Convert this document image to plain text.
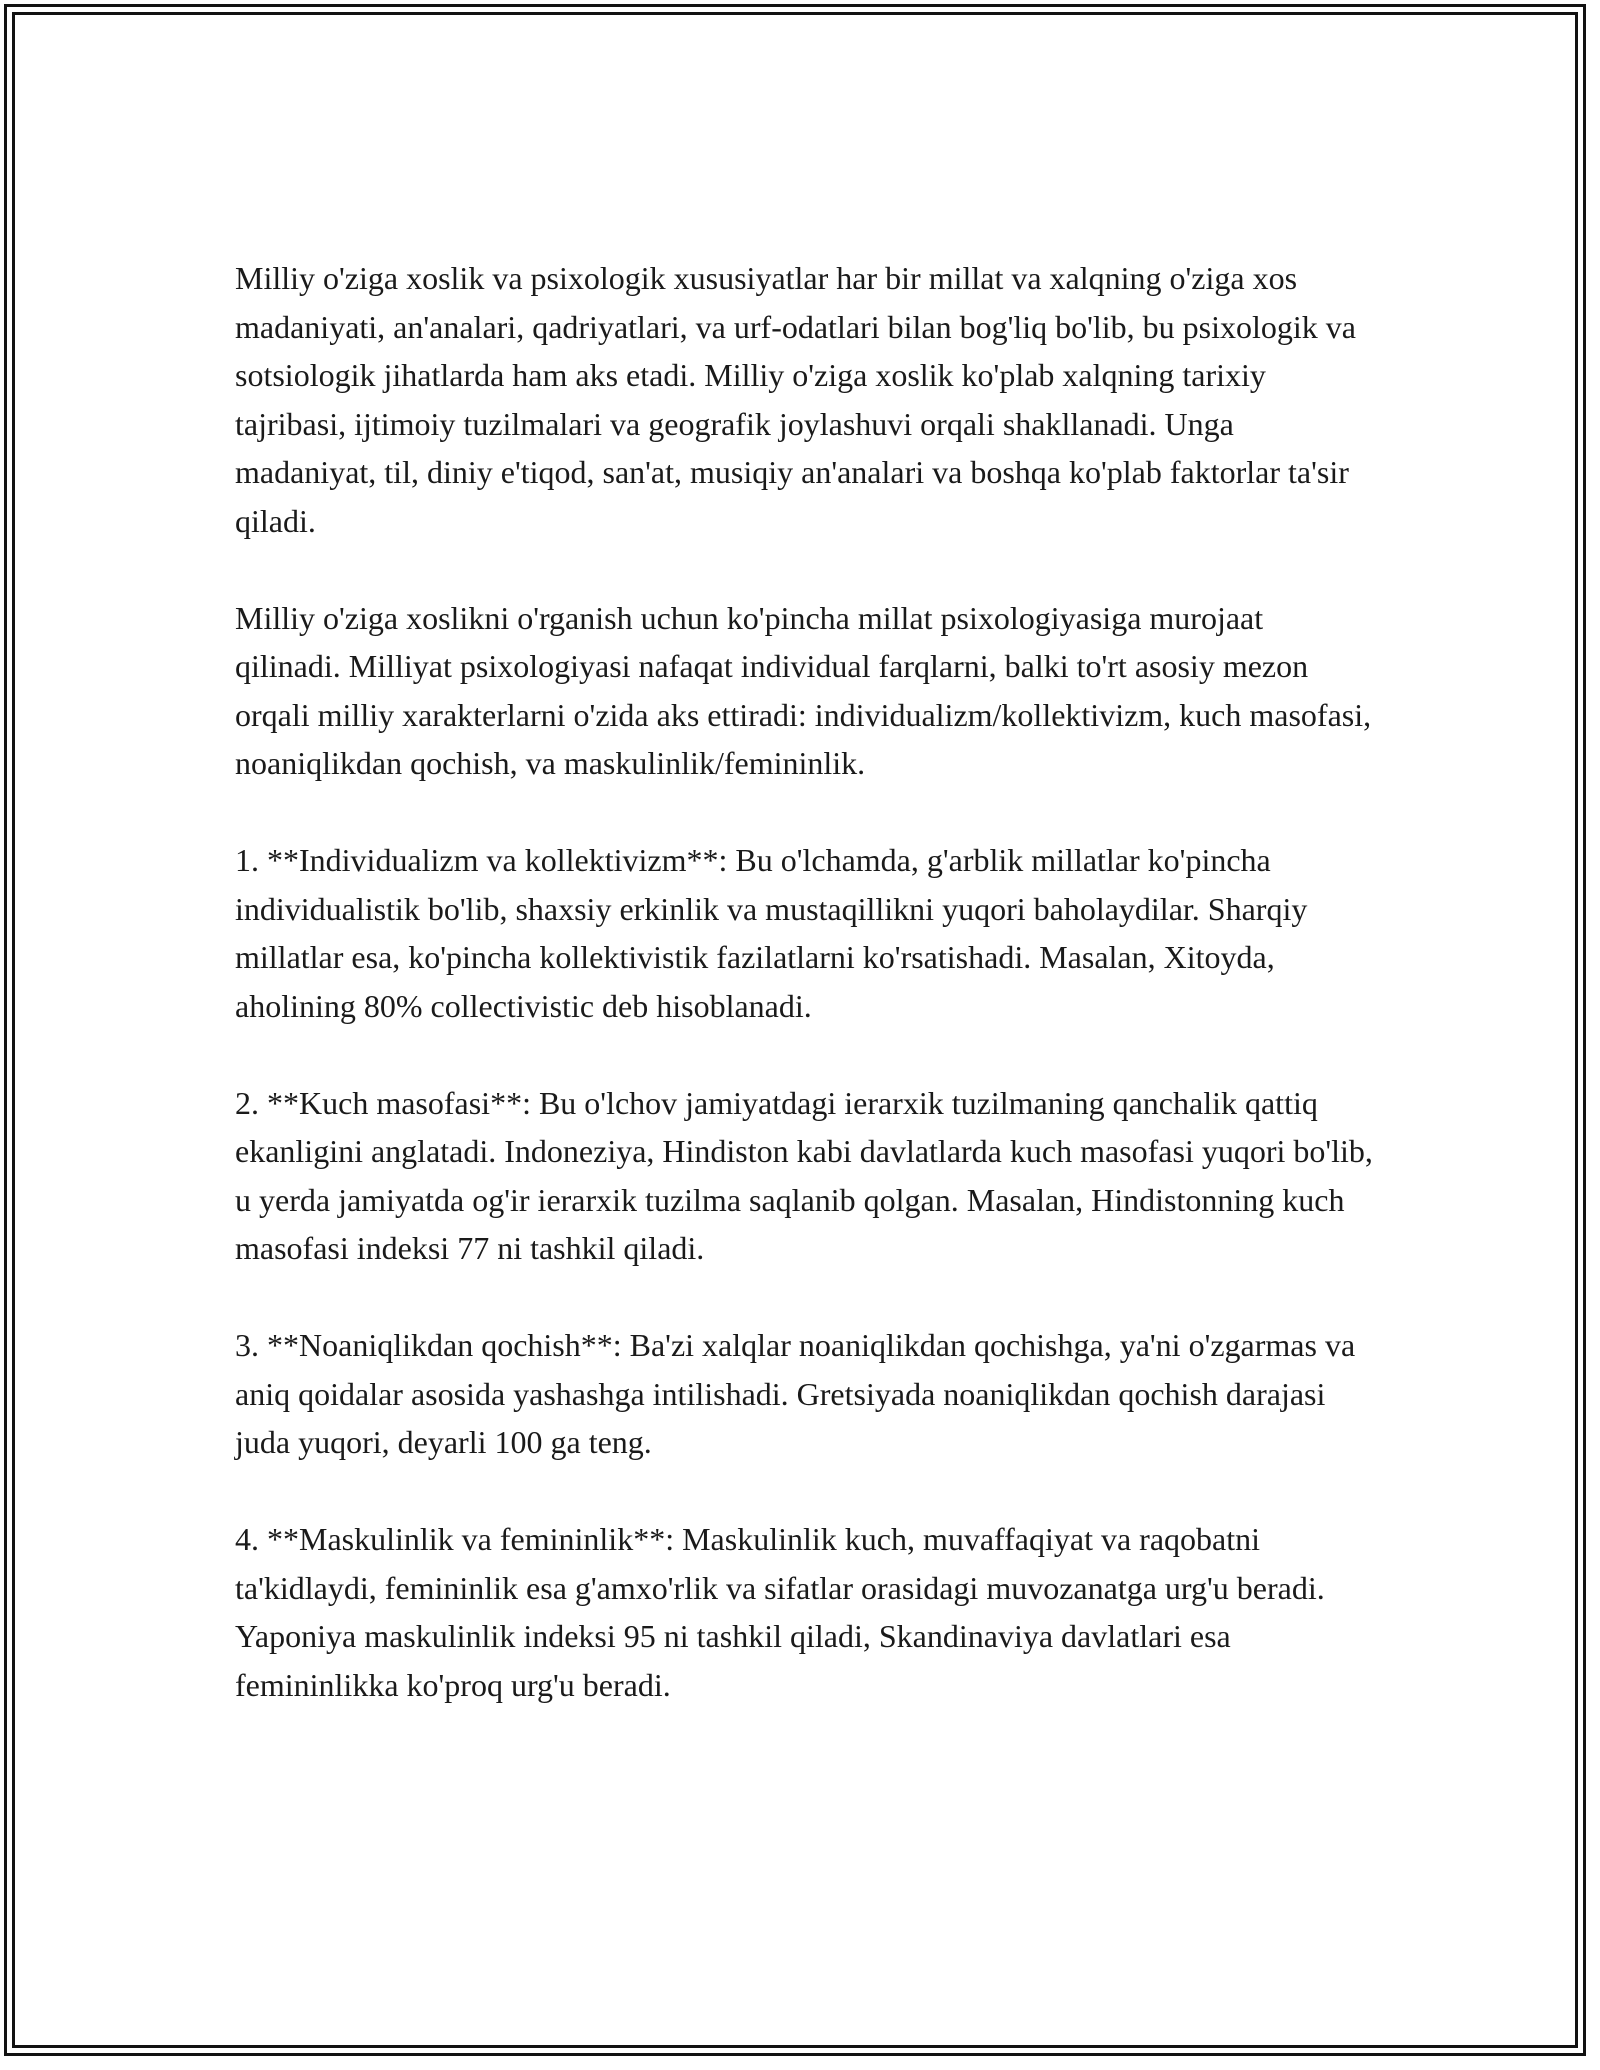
Milliy o'ziga xoslik va psixologik xususiyatlar har bir millat va xalqning o'ziga xos madaniyati, an'analari, qadriyatlari, va urf-odatlari bilan bog'liq bo'lib, bu psixologik va sotsiologik jihatlarda ham aks etadi. Milliy o'ziga xoslik ko'plab xalqning tarixiy tajribasi, ijtimoiy tuzilmalari va geografik joylashuvi orqali shakllanadi. Unga madaniyat, til, diniy e'tiqod, san'at, musiqiy an'analari va boshqa ko'plab faktorlar ta'sir qiladi.

Milliy o'ziga xoslikni o'rganish uchun ko'pincha millat psixologiyasiga murojaat qilinadi. Milliyat psixologiyasi nafaqat individual farqlarni, balki to'rt asosiy mezon orqali milliy xarakterlarni o'zida aks ettiradi: individualizm/kollektivizm, kuch masofasi, noaniqlikdan qochish, va maskulinlik/femininlik.

1. **Individualizm va kollektivizm**: Bu o'lchamda, g'arblik millatlar ko'pincha individualistik bo'lib, shaxsiy erkinlik va mustaqillikni yuqori baholaydilar. Sharqiy millatlar esa, ko'pincha kollektivistik fazilatlarni ko'rsatishadi. Masalan, Xitoyda, aholining 80% collectivistic deb hisoblanadi.

2. **Kuch masofasi**: Bu o'lchov jamiyatdagi ierarxik tuzilmaning qanchalik qattiq ekanligini anglatadi. Indoneziya, Hindiston kabi davlatlarda kuch masofasi yuqori bo'lib, u yerda jamiyatda og'ir ierarxik tuzilma saqlanib qolgan. Masalan, Hindistonning kuch masofasi indeksi 77 ni tashkil qiladi.

3. **Noaniqlikdan qochish**: Ba'zi xalqlar noaniqlikdan qochishga, ya'ni o'zgarmas va aniq qoidalar asosida yashashga intilishadi. Gretsiyada noaniqlikdan qochish darajasi juda yuqori, deyarli 100 ga teng.

4. **Maskulinlik va femininlik**: Maskulinlik kuch, muvaffaqiyat va raqobatni ta'kidlaydi, femininlik esa g'amxo'rlik va sifatlar orasidagi muvozanatga urg'u beradi. Yaponiya maskulinlik indeksi 95 ni tashkil qiladi, Skandinaviya davlatlari esa femininlikka ko'proq urg'u beradi.
